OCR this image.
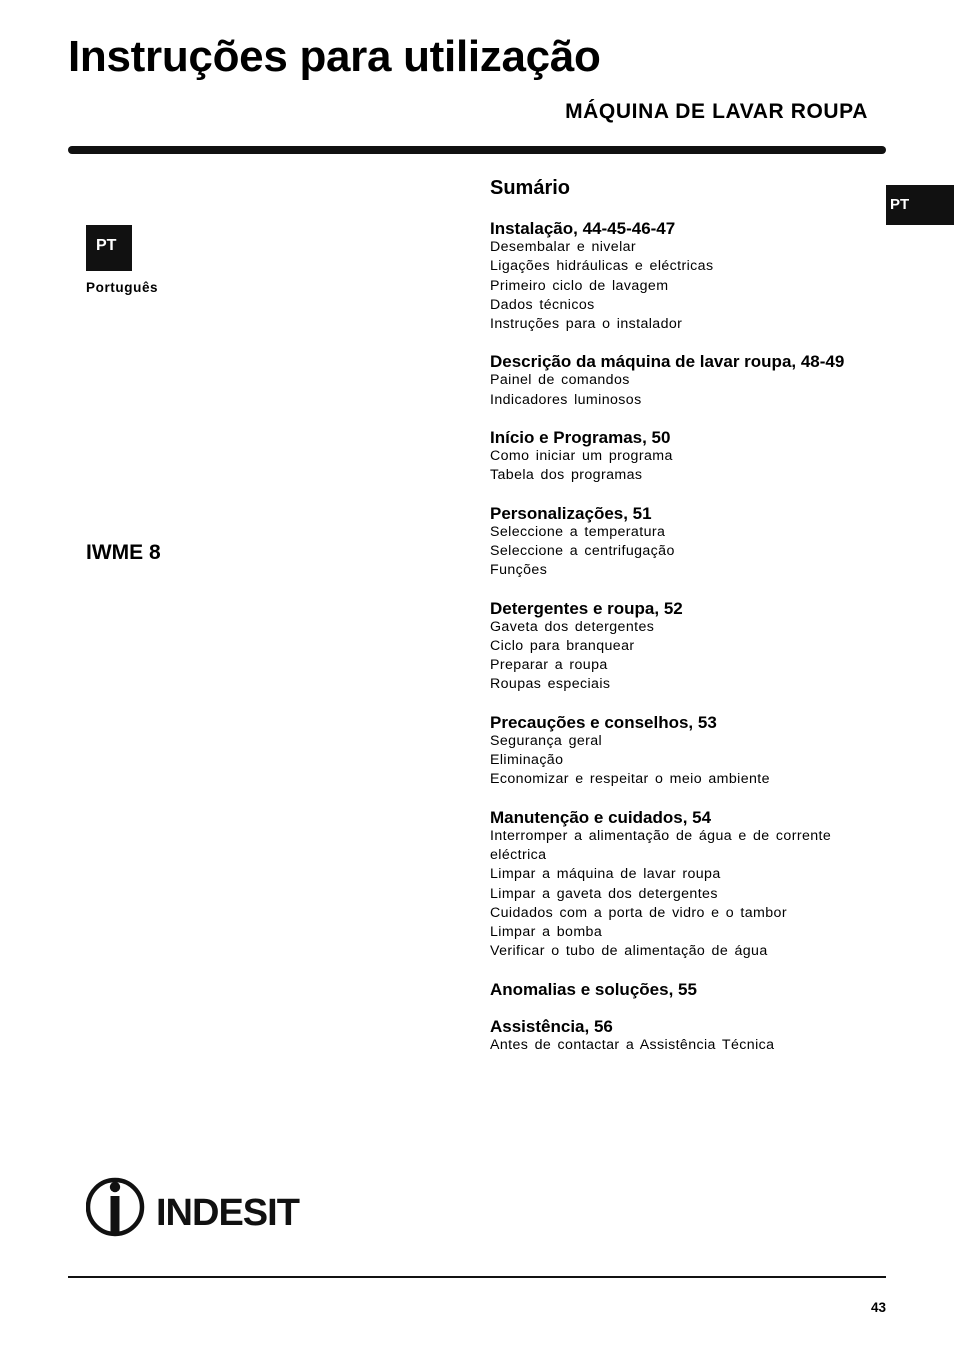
Instruções para utilização
MÁQUINA DE LAVAR ROUPA
PT
PT
Português
IWME 8
Sumário

Instalação, 44-45-46-47

Desembalar e nivelar
Ligações hidráulicas e eléctricas
Primeiro ciclo de lavagem
Dados técnicos
Instruções para o instalador

Descrição da máquina de lavar roupa, 48-49

Painel de comandos
Indicadores luminosos

Início e Programas, 50

Como iniciar um programa
Tabela dos programas

Personalizações, 51

Seleccione a temperatura
Seleccione a centrifugação
Funções

Detergentes e roupa, 52

Gaveta dos detergentes
Ciclo para branquear
Preparar a roupa
Roupas especiais

Precauções e conselhos, 53

Segurança geral
Eliminação
Economizar e respeitar o meio ambiente

Manutenção e cuidados, 54

Interromper a alimentação de água e de corrente eléctrica
Limpar a máquina de lavar roupa
Limpar a gaveta dos detergentes
Cuidados com a porta de vidro e o tambor
Limpar a bomba
Verificar o tubo de alimentação de água

Anomalias e soluções, 55

Assistência, 56

Antes de contactar a Assistência Técnica
INDESIT
43
